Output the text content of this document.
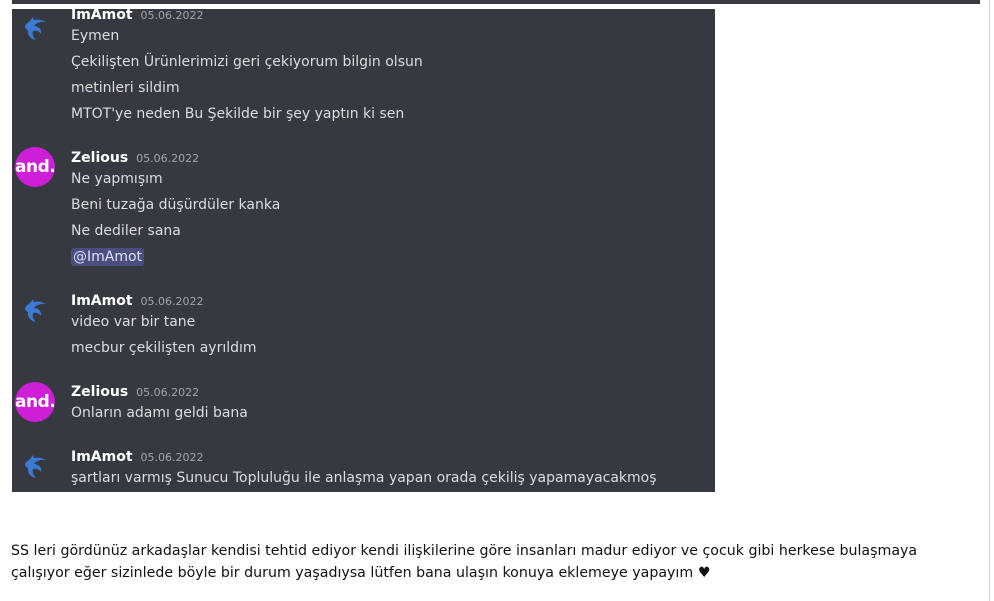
ImAmot 05.06.2022
Eymen
Çekilişten Ürünlerimizi geri çekiyorum bilgin olsun
metinleri sildim
MTOT'ye neden Bu Şekilde bir şey yaptın ki sen
and. Zelious 05.06.2022
Ne yapmışım
Beni tuzağa düşürdüler kanka
Ne dediler sana
@ImAmot
ImAmot 05.06.2022
video var bir tane
mecbur çekilişten ayrıldım
and. Zelious 05.06.2022
Onların adamı geldi bana
ImAmot 05.06.2022
şartları varmış Sunucu Topluluğu ile anlaşma yapan orada çekiliş yapamayacakmoş
SS leri gördünüz arkadaşlar kendisi tehtid ediyor kendi ilişkilerine göre insanları madur ediyor ve çocuk gibi herkese bulaşmaya çalışıyor eğer sizinlede böyle bir durum yaşadıysa lütfen bana ulaşın konuya eklemeye yapayım ♥
